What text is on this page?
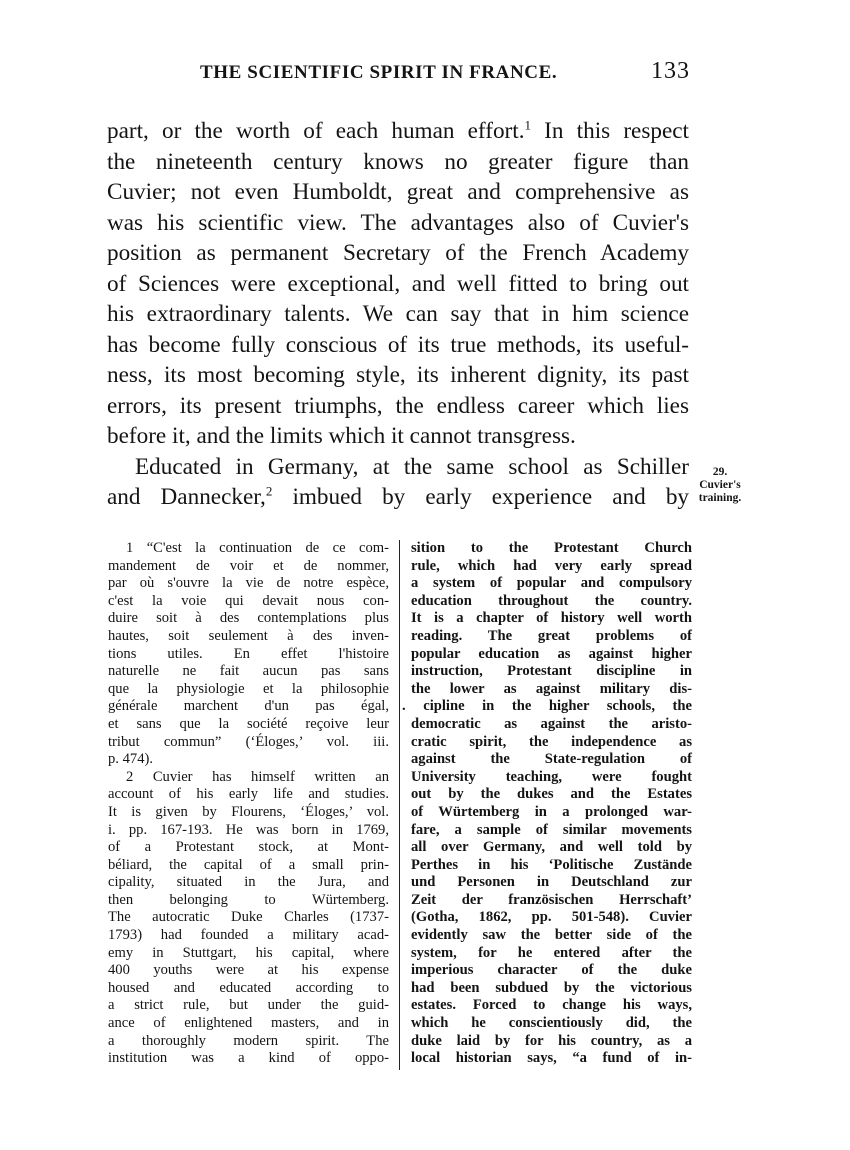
THE SCIENTIFIC SPIRIT IN FRANCE.	133
part, or the worth of each human effort.$^1$ In this respect
the nineteenth century knows no greater figure than
Cuvier; not even Humboldt, great and comprehensive as
was his scientific view. The advantages also of Cuvier's
position as permanent Secretary of the French Academy
of Sciences were exceptional, and well fitted to bring out
his extraordinary talents. We can say that in him science
has become fully conscious of its true methods, its useful-
ness, its most becoming style, its inherent dignity, its past
errors, its present triumphs, the endless career which lies
before it, and the limits which it cannot transgress.
Educated in Germany, at the same school as Schiller
and Dannecker,$^2$ imbued by early experience and by
29.
Cuvier's
training.
1 “C'est la continuation de ce com-
mandement de voir et de nommer,
par où s'ouvre la vie de notre espèce,
c'est la voie qui devait nous con-
duire soit à des contemplations plus
hautes, soit seulement à des inven-
tions utiles. En effet l'histoire
naturelle ne fait aucun pas sans
que la physiologie et la philosophie
générale marchent d'un pas égal,
et sans que la société reçoive leur
tribut commun” (‘Éloges,’ vol. iii.
p. 474).
2 Cuvier has himself written an
account of his early life and studies.
It is given by Flourens, ‘Éloges,’ vol.
i. pp. 167-193. He was born in 1769,
of a Protestant stock, at Mont-
béliard, the capital of a small prin-
cipality, situated in the Jura, and
then belonging to Würtemberg.
The autocratic Duke Charles (1737-
1793) had founded a military acad-
emy in Stuttgart, his capital, where
400 youths were at his expense
housed and educated according to
a strict rule, but under the guid-
ance of enlightened masters, and in
a thoroughly modern spirit. The
institution was a kind of oppo-
sition to the Protestant Church
rule, which had very early spread
a system of popular and compulsory
education throughout the country.
It is a chapter of history well worth
reading. The great problems of
popular education as against higher
instruction, Protestant discipline in
the lower as against military dis-
. cipline in the higher schools, the
democratic as against the aristo-
cratic spirit, the independence as
against the State-regulation of
University teaching, were fought
out by the dukes and the Estates
of Würtemberg in a prolonged war-
fare, a sample of similar movements
all over Germany, and well told by
Perthes in his ‘Politische Zustände
und Personen in Deutschland zur
Zeit der französischen Herrschaft’
(Gotha, 1862, pp. 501-548). Cuvier
evidently saw the better side of the
system, for he entered after the
imperious character of the duke
had been subdued by the victorious
estates. Forced to change his ways,
which he conscientiously did, the
duke laid by for his country, as a
local historian says, “a fund of in-
